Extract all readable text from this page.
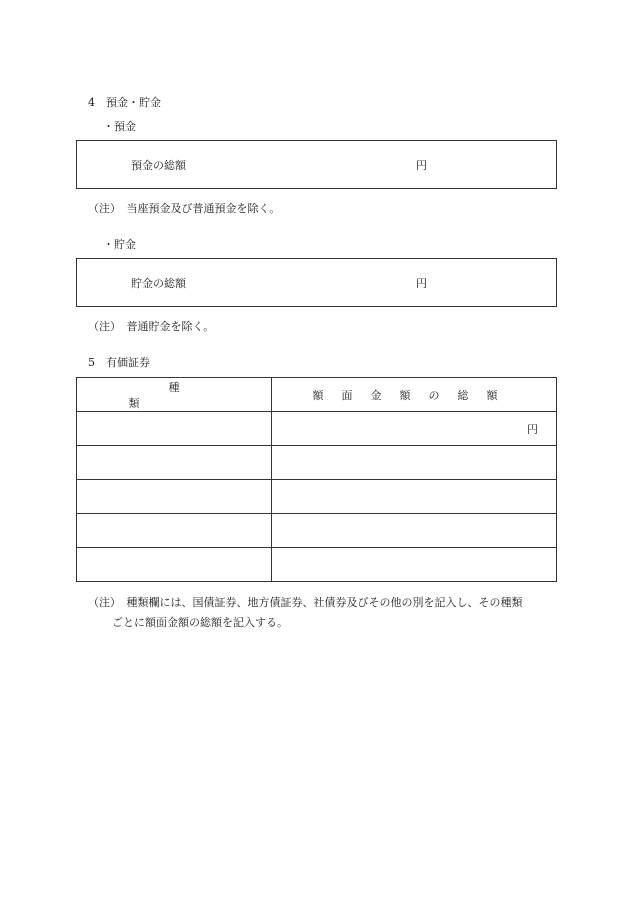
4　預金・貯金
・預金
預金の総額	円
（注）　当座預金及び普通預金を除く。
・貯金
貯金の総額	円
（注）　普通貯金を除く。
5　有価証券
種類	額面金額の総額
	円

（注）　種類欄には、国債証券、地方債証券、社債券及びその他の別を記入し、その種類
ごとに額面金額の総額を記入する。
